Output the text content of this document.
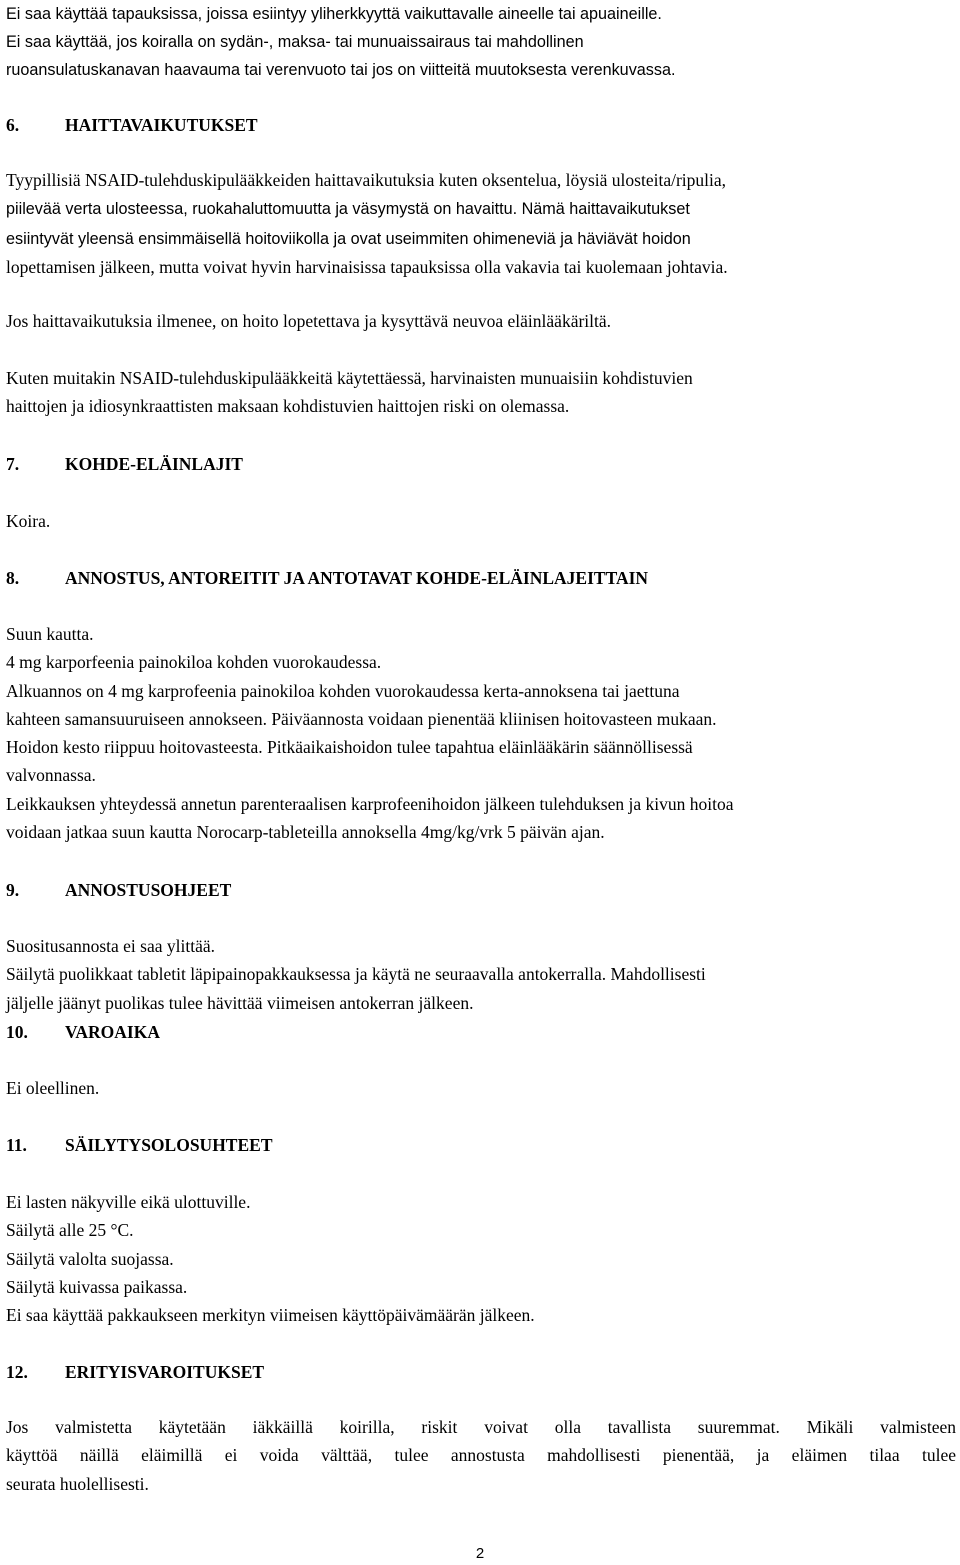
Ei saa käyttää tapauksissa, joissa esiintyy yliherkkyyttä vaikuttavalle aineelle tai apuaineille.
Ei saa käyttää, jos koiralla on sydän-, maksa- tai munuaissairaus tai mahdollinen
ruoansulatuskanavan haavauma tai verenvuoto tai jos on viitteitä muutoksesta verenkuvassa.
6.	HAITTAVAIKUTUKSET
Tyypillisiä NSAID-tulehduskipulääkkeiden haittavaikutuksia kuten oksentelua, löysiä ulosteita/ripulia,
piilevää verta ulosteessa, ruokahaluttomuutta ja väsymystä on havaittu. Nämä haittavaikutukset
esiintyvät yleensä ensimmäisellä hoitoviikolla ja ovat useimmiten ohimeneviä ja häviävät hoidon
lopettamisen jälkeen, mutta voivat hyvin harvinaisissa tapauksissa olla vakavia tai kuolemaan johtavia.
Jos haittavaikutuksia ilmenee, on hoito lopetettava ja kysyttävä neuvoa eläinlääkäriltä.
Kuten muitakin NSAID-tulehduskipulääkkeitä käytettäessä, harvinaisten munuaisiin kohdistuvien
haittojen ja idiosynkraattisten maksaan kohdistuvien haittojen riski on olemassa.
7.	KOHDE-ELÄINLAJIT
Koira.
8.	ANNOSTUS, ANTOREITIT JA ANTOTAVAT KOHDE-ELÄINLAJEITTAIN
Suun kautta.
4 mg karporfeenia painokiloa kohden vuorokaudessa.
Alkuannos on 4 mg karprofeenia painokiloa kohden vuorokaudessa kerta-annoksena tai jaettuna
kahteen samansuuruiseen annokseen. Päiväannosta voidaan pienentää kliinisen hoitovasteen mukaan.
Hoidon kesto riippuu hoitovasteesta. Pitkäaikaishoidon tulee tapahtua eläinlääkärin säännöllisessä
valvonnassa.
Leikkauksen yhteydessä annetun parenteraalisen karprofeenihoidon jälkeen tulehduksen ja kivun hoitoa
voidaan jatkaa suun kautta Norocarp-tableteilla annoksella 4mg/kg/vrk 5 päivän ajan.
9.	ANNOSTUSOHJEET
Suositusannosta ei saa ylittää.
Säilytä puolikkaat tabletit läpipainopakkauksessa ja käytä ne seuraavalla antokerralla. Mahdollisesti
jäljelle jäänyt puolikas tulee hävittää viimeisen antokerran jälkeen.
10.	VAROAIKA
Ei oleellinen.
11.	SÄILYTYSOLOSUHTEET
Ei lasten näkyville eikä ulottuville.
Säilytä alle 25 °C.
Säilytä valolta suojassa.
Säilytä kuivassa paikassa.
Ei saa käyttää pakkaukseen merkityn viimeisen käyttöpäivämäärän jälkeen.
12.	ERITYISVAROITUKSET
Jos valmistetta käytetään iäkkäillä koirilla, riskit voivat olla tavallista suuremmat. Mikäli valmisteen
käyttöä näillä eläimillä ei voida välttää, tulee annostusta mahdollisesti pienentää, ja eläimen tilaa tulee
seurata huolellisesti.
2
